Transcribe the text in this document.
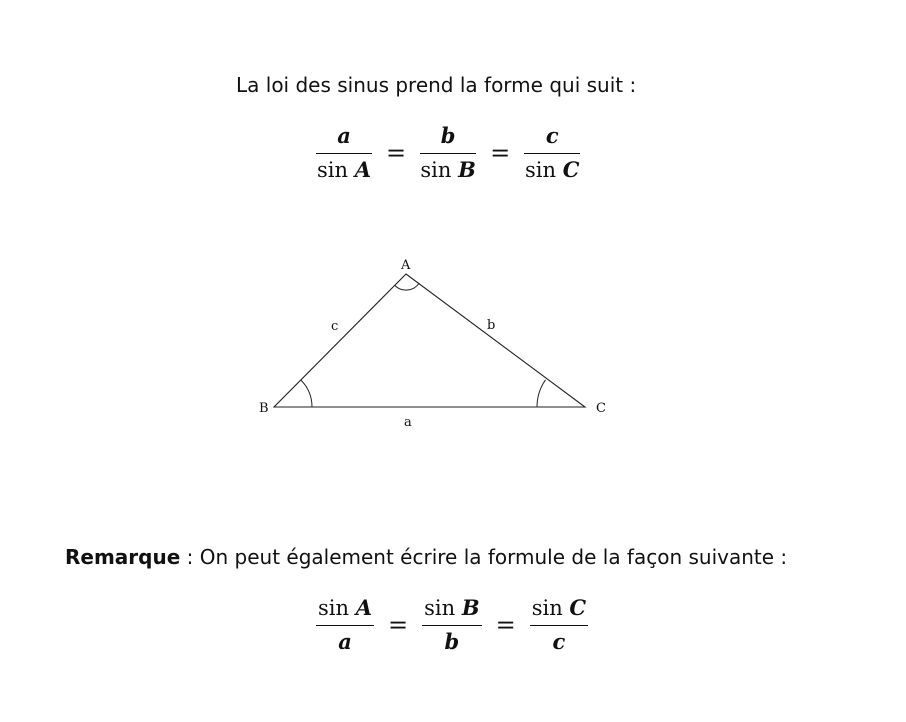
La loi des sinus prend la forme qui suit :
$\frac{a}{\text{sin A}} = \frac{b}{\text{sin B}} = \frac{c}{\text{sin C}}$
A
B	C
a
b
c
Remarque : On peut également écrire la formule de la façon suivante :
$\frac{\text{sin A}}{a} = \frac{\text{sin B}}{b} = \frac{\text{sin C}}{c}$
